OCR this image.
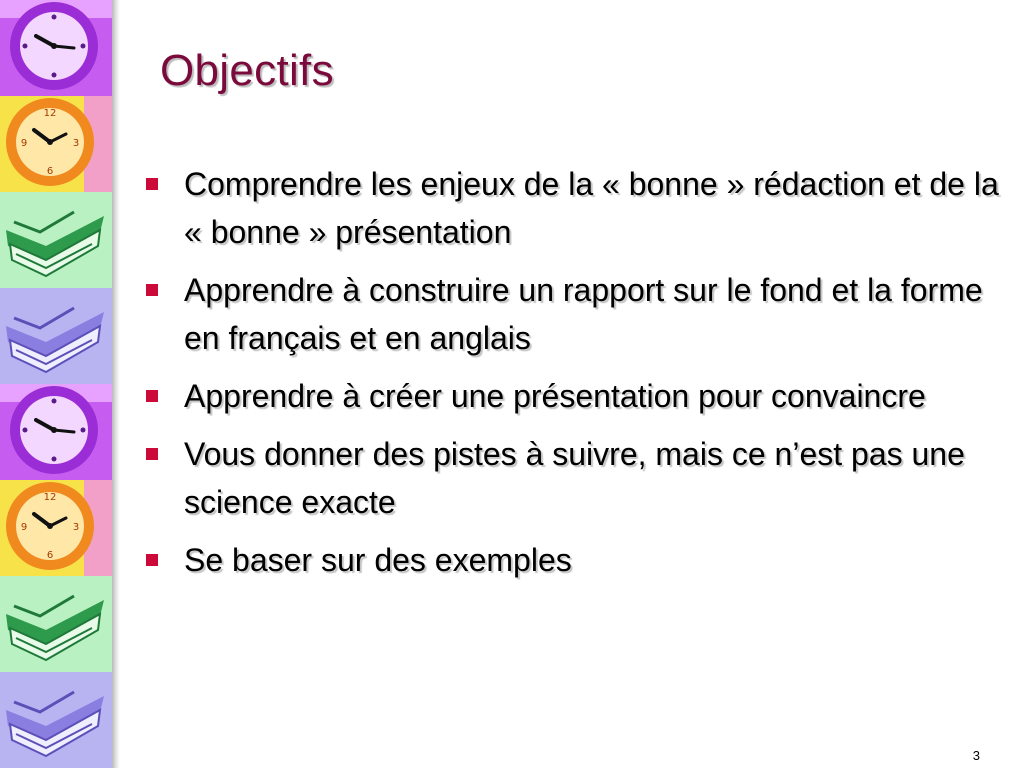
12
3
6
9
12
3
6
9
Objectifs
Comprendre les enjeux de la « bonne » rédaction et de la « bonne » présentation
Apprendre à construire un rapport sur le fond et la forme en français et en anglais
Apprendre à créer une présentation pour convaincre
Vous donner des pistes à suivre, mais ce n’est pas une science exacte
Se baser sur des exemples
3
